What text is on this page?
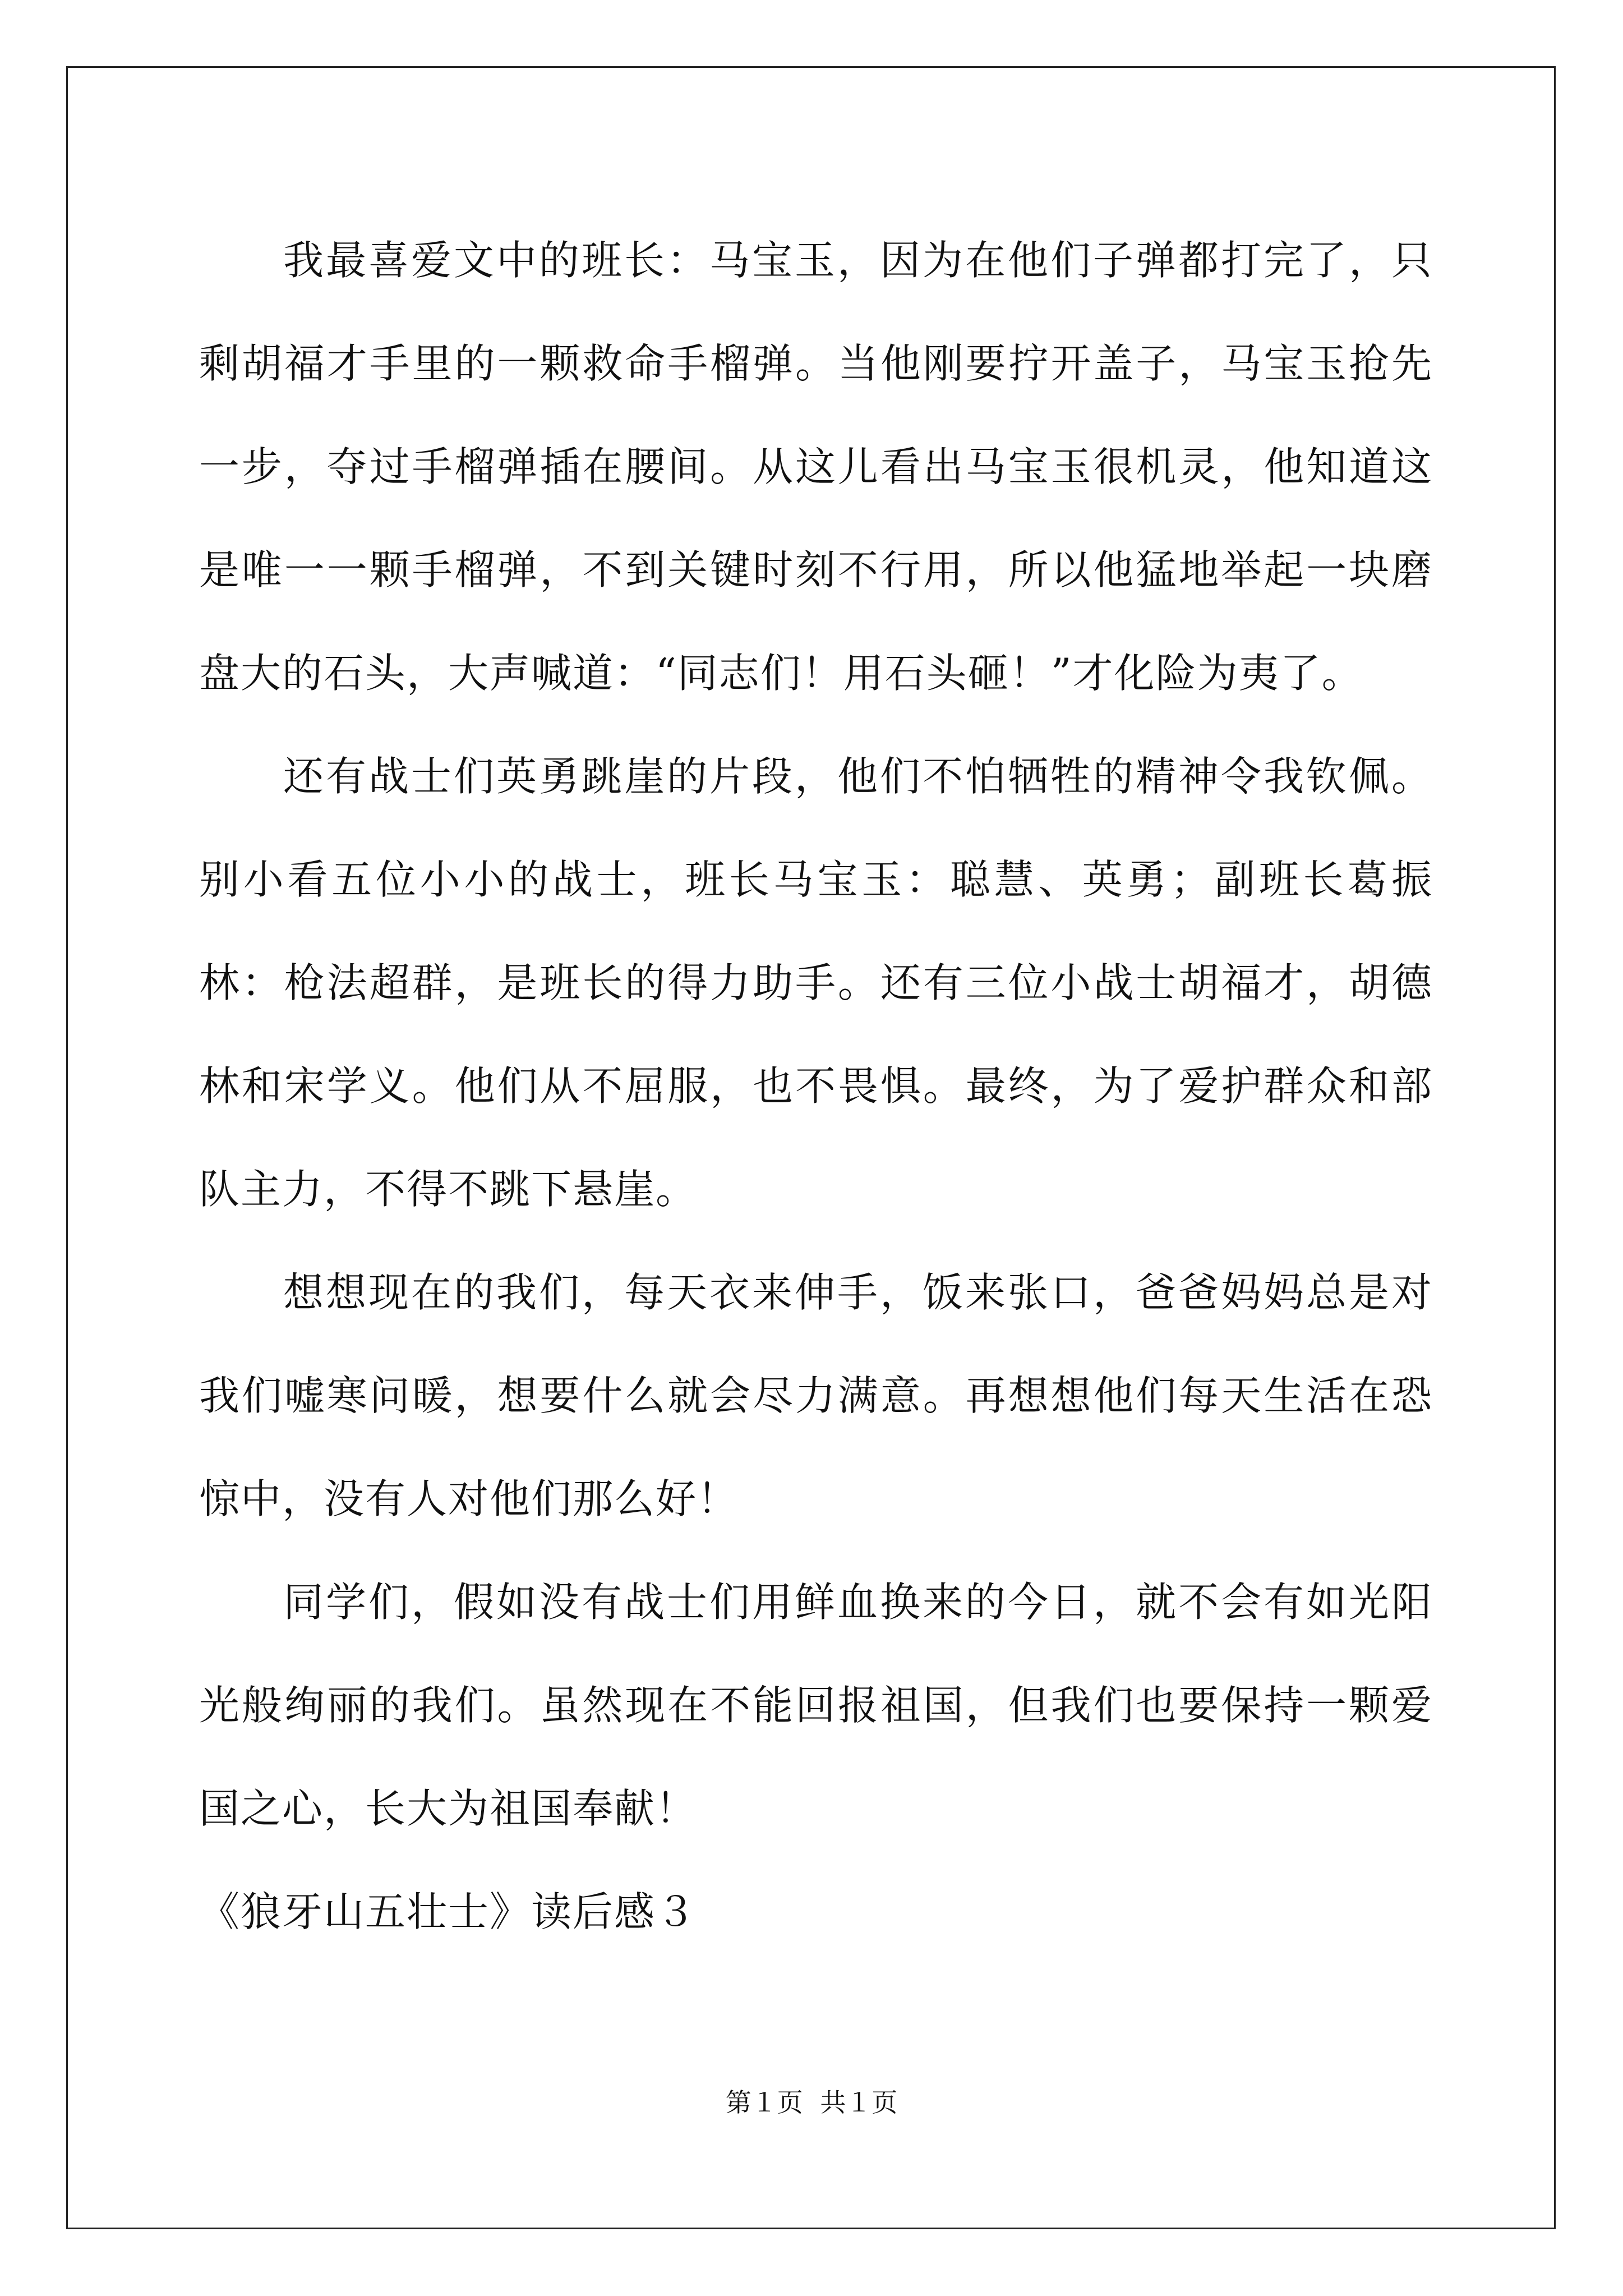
我最喜爱文中的班长：马宝玉，因为在他们子弹都打完了，只剩胡福才手里的一颗救命手榴弹。当他刚要拧开盖子，马宝玉抢先一步，夺过手榴弹插在腰间。从这儿看出马宝玉很机灵，他知道这是唯一一颗手榴弹，不到关键时刻不行用，所以他猛地举起一块磨盘大的石头，大声喊道：“同志们！用石头砸！”才化险为夷了。

还有战士们英勇跳崖的片段，他们不怕牺牲的精神令我钦佩。别小看五位小小的战士，班长马宝玉：聪慧、英勇；副班长葛振林：枪法超群，是班长的得力助手。还有三位小战士胡福才，胡德林和宋学义。他们从不屈服，也不畏惧。最终，为了爱护群众和部队主力，不得不跳下悬崖。

想想现在的我们，每天衣来伸手，饭来张口，爸爸妈妈总是对我们嘘寒问暖，想要什么就会尽力满意。再想想他们每天生活在恐惊中，没有人对他们那么好！

同学们，假如没有战士们用鲜血换来的今日，就不会有如光阳光般绚丽的我们。虽然现在不能回报祖国，但我们也要保持一颗爱国之心，长大为祖国奉献！

《狼牙山五壮士》读后感３

第１页 共１页
